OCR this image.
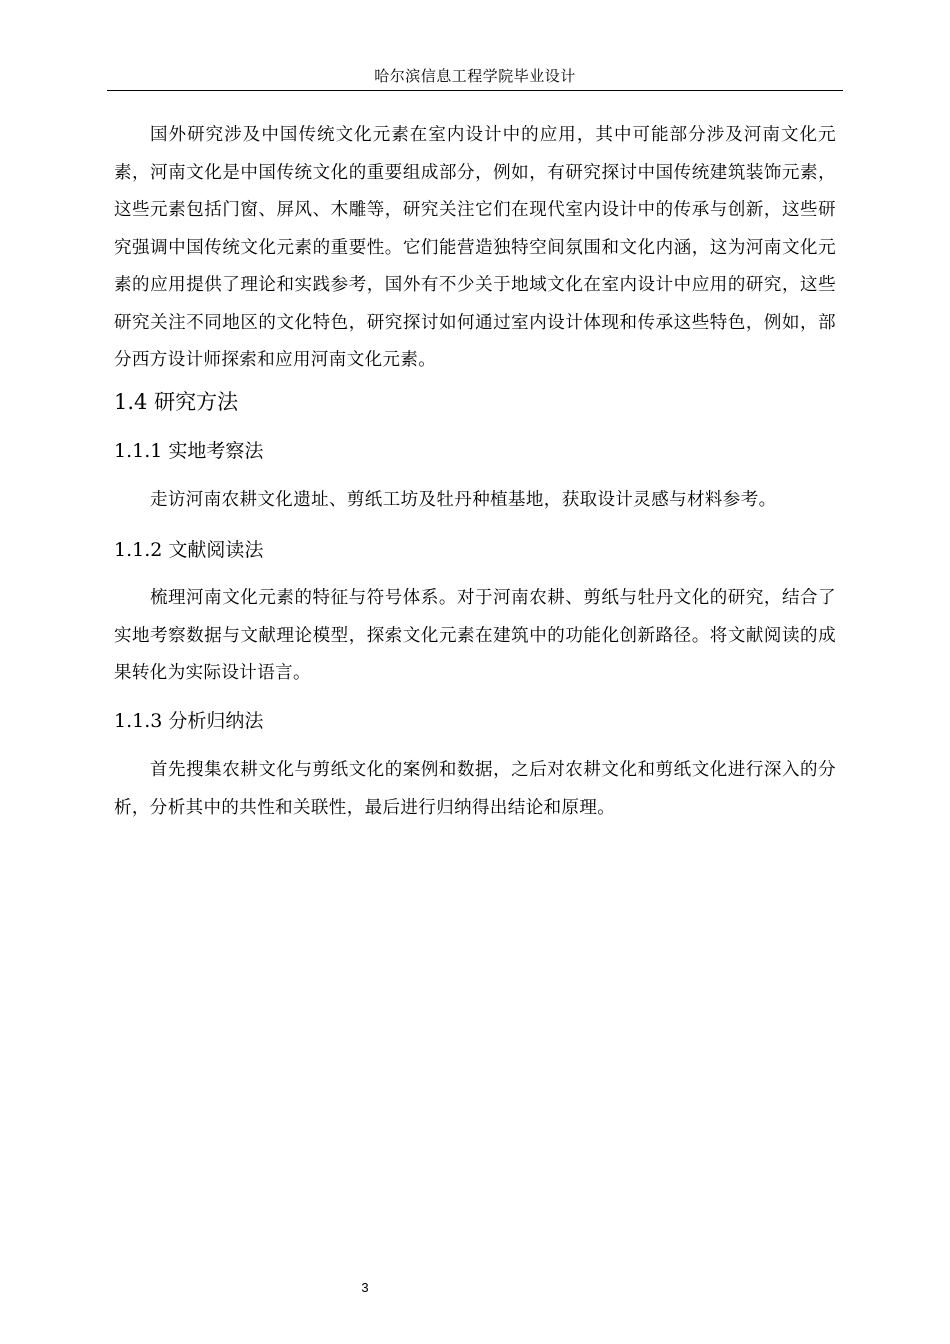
哈尔滨信息工程学院毕业设计

国外研究涉及中国传统文化元素在室内设计中的应用，其中可能部分涉及河南文化元素，河南文化是中国传统文化的重要组成部分，例如，有研究探讨中国传统建筑装饰元素，这些元素包括门窗、屏风、木雕等，研究关注它们在现代室内设计中的传承与创新，这些研究强调中国传统文化元素的重要性。它们能营造独特空间氛围和文化内涵，这为河南文化元素的应用提供了理论和实践参考，国外有不少关于地域文化在室内设计中应用的研究，这些研究关注不同地区的文化特色，研究探讨如何通过室内设计体现和传承这些特色，例如，部分西方设计师探索和应用河南文化元素。

1.4 研究方法
1.1.1 实地考察法

走访河南农耕文化遗址、剪纸工坊及牡丹种植基地，获取设计灵感与材料参考。

1.1.2 文献阅读法

梳理河南文化元素的特征与符号体系。对于河南农耕、剪纸与牡丹文化的研究，结合了实地考察数据与文献理论模型，探索文化元素在建筑中的功能化创新路径。将文献阅读的成果转化为实际设计语言。

1.1.3 分析归纳法

首先搜集农耕文化与剪纸文化的案例和数据，之后对农耕文化和剪纸文化进行深入的分析，分析其中的共性和关联性，最后进行归纳得出结论和原理。

3
